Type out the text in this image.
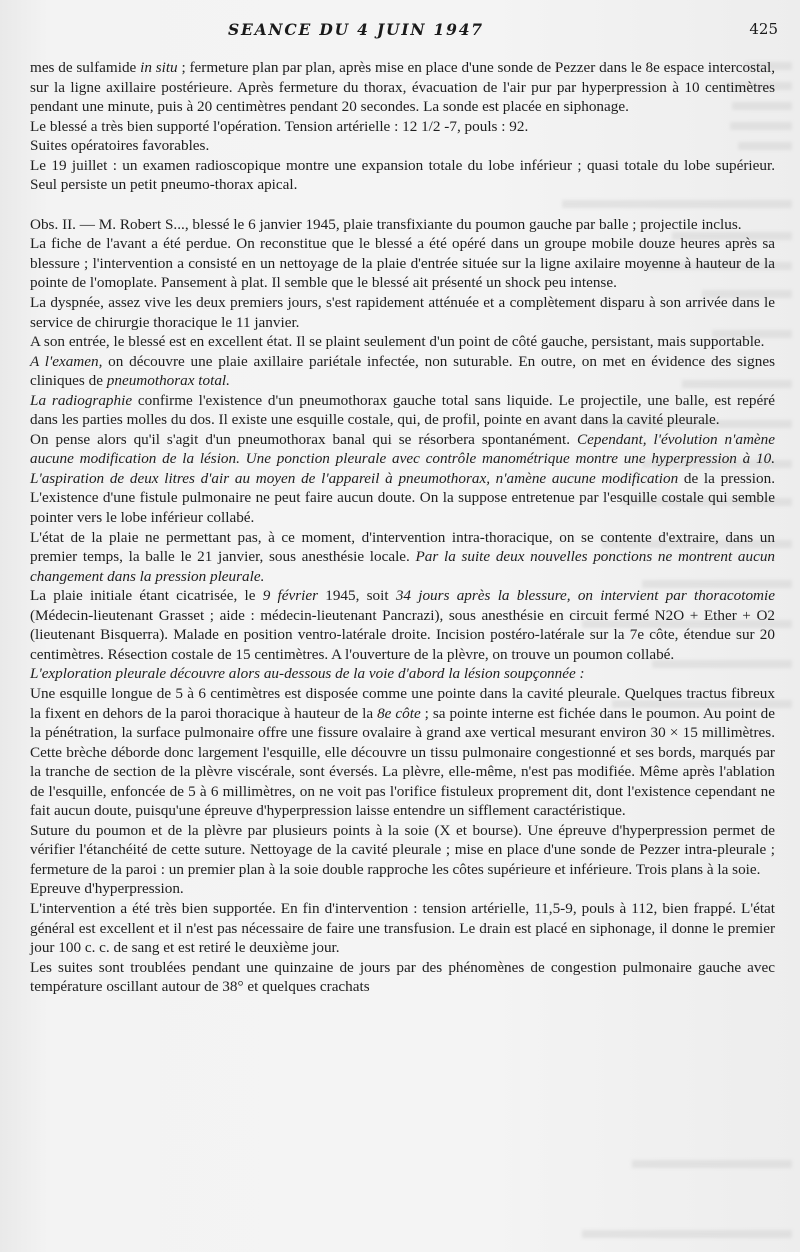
SEANCE DU 4 JUIN 1947	425

mes de sulfamide in situ ; fermeture plan par plan, après mise en place d'une sonde de Pezzer dans le 8e espace intercostal, sur la ligne axillaire postérieure. Après fermeture du thorax, évacuation de l'air pur par hyperpression à 10 centimètres pendant une minute, puis à 20 centimètres pendant 20 secondes. La sonde est placée en siphonage.

Le blessé a très bien supporté l'opération. Tension artérielle : 12 1/2 -7, pouls : 92.

Suites opératoires favorables.

Le 19 juillet : un examen radioscopique montre une expansion totale du lobe inférieur ; quasi totale du lobe supérieur. Seul persiste un petit pneumo-thorax apical.

Obs. II. — M. Robert S..., blessé le 6 janvier 1945, plaie transfixiante du poumon gauche par balle ; projectile inclus.

La fiche de l'avant a été perdue. On reconstitue que le blessé a été opéré dans un groupe mobile douze heures après sa blessure ; l'intervention a consisté en un nettoyage de la plaie d'entrée située sur la ligne axilaire moyenne à hauteur de la pointe de l'omoplate. Pansement à plat. Il semble que le blessé ait présenté un shock peu intense.

La dyspnée, assez vive les deux premiers jours, s'est rapidement atténuée et a complètement disparu à son arrivée dans le service de chirurgie thoracique le 11 janvier.

A son entrée, le blessé est en excellent état. Il se plaint seulement d'un point de côté gauche, persistant, mais supportable.

A l'examen, on découvre une plaie axillaire pariétale infectée, non suturable. En outre, on met en évidence des signes cliniques de pneumothorax total.

La radiographie confirme l'existence d'un pneumothorax gauche total sans liquide. Le projectile, une balle, est repéré dans les parties molles du dos. Il existe une esquille costale, qui, de profil, pointe en avant dans la cavité pleurale.

On pense alors qu'il s'agit d'un pneumothorax banal qui se résorbera spontanément. Cependant, l'évolution n'amène aucune modification de la lésion. Une ponction pleurale avec contrôle manométrique montre une hyperpression à 10. L'aspiration de deux litres d'air au moyen de l'appareil à pneumothorax, n'amène aucune modification de la pression. L'existence d'une fistule pulmonaire ne peut faire aucun doute. On la suppose entretenue par l'esquille costale qui semble pointer vers le lobe inférieur collabé.

L'état de la plaie ne permettant pas, à ce moment, d'intervention intra-thoracique, on se contente d'extraire, dans un premier temps, la balle le 21 janvier, sous anesthésie locale. Par la suite deux nouvelles ponctions ne montrent aucun changement dans la pression pleurale.

La plaie initiale étant cicatrisée, le 9 février 1945, soit 34 jours après la blessure, on intervient par thoracotomie (Médecin-lieutenant Grasset ; aide : médecin-lieutenant Pancrazi), sous anesthésie en circuit fermé N2O + Ether + O2 (lieutenant Bisquerra). Malade en position ventro-latérale droite. Incision postéro-latérale sur la 7e côte, étendue sur 20 centimètres. Résection costale de 15 centimètres. A l'ouverture de la plèvre, on trouve un poumon collabé.

L'exploration pleurale découvre alors au-dessous de la voie d'abord la lésion soupçonnée :

Une esquille longue de 5 à 6 centimètres est disposée comme une pointe dans la cavité pleurale. Quelques tractus fibreux la fixent en dehors de la paroi thoracique à hauteur de la 8e côte ; sa pointe interne est fichée dans le poumon. Au point de la pénétration, la surface pulmonaire offre une fissure ovalaire à grand axe vertical mesurant environ 30 × 15 millimètres. Cette brèche déborde donc largement l'esquille, elle découvre un tissu pulmonaire congestionné et ses bords, marqués par la tranche de section de la plèvre viscérale, sont éversés. La plèvre, elle-même, n'est pas modifiée. Même après l'ablation de l'esquille, enfoncée de 5 à 6 millimètres, on ne voit pas l'orifice fistuleux proprement dit, dont l'existence cependant ne fait aucun doute, puisqu'une épreuve d'hyperpression laisse entendre un sifflement caractéristique.

Suture du poumon et de la plèvre par plusieurs points à la soie (X et bourse). Une épreuve d'hyperpression permet de vérifier l'étanchéité de cette suture. Nettoyage de la cavité pleurale ; mise en place d'une sonde de Pezzer intra-pleurale ; fermeture de la paroi : un premier plan à la soie double rapproche les côtes supérieure et inférieure. Trois plans à la soie.

Epreuve d'hyperpression.

L'intervention a été très bien supportée. En fin d'intervention : tension artérielle, 11,5-9, pouls à 112, bien frappé. L'état général est excellent et il n'est pas nécessaire de faire une transfusion. Le drain est placé en siphonage, il donne le premier jour 100 c. c. de sang et est retiré le deuxième jour.

Les suites sont troublées pendant une quinzaine de jours par des phénomènes de congestion pulmonaire gauche avec température oscillant autour de 38° et quelques crachats
